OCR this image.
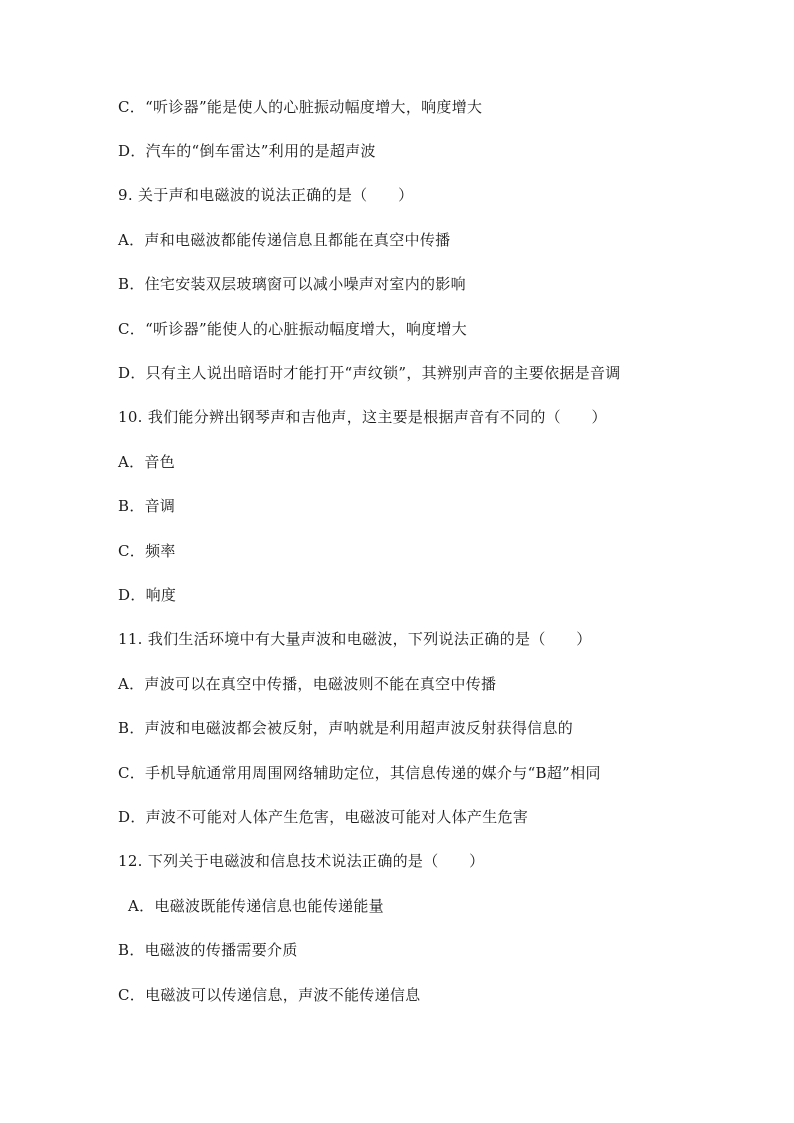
C．“听诊器”能是使人的心脏振动幅度增大，响度增大
D．汽车的“倒车雷达”利用的是超声波
9. 关于声和电磁波的说法正确的是（　　）
A．声和电磁波都能传递信息且都能在真空中传播
B．住宅安装双层玻璃窗可以减小噪声对室内的影响
C．“听诊器”能使人的心脏振动幅度增大，响度增大
D．只有主人说出暗语时才能打开“声纹锁”，其辨别声音的主要依据是音调
10. 我们能分辨出钢琴声和吉他声，这主要是根据声音有不同的（　　）
A．音色
B．音调
C．频率
D．响度
11. 我们生活环境中有大量声波和电磁波，下列说法正确的是（　　）
A．声波可以在真空中传播，电磁波则不能在真空中传播
B．声波和电磁波都会被反射，声呐就是利用超声波反射获得信息的
C．手机导航通常用周围网络辅助定位，其信息传递的媒介与“B超”相同
D．声波不可能对人体产生危害，电磁波可能对人体产生危害
12. 下列关于电磁波和信息技术说法正确的是（　　）
A．电磁波既能传递信息也能传递能量
B．电磁波的传播需要介质
C．电磁波可以传递信息，声波不能传递信息
